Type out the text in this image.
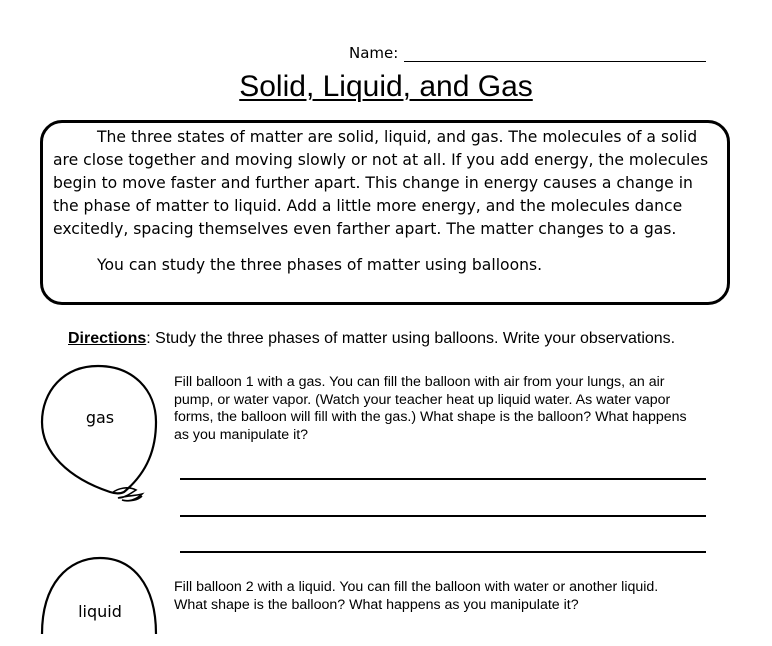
Name:
Solid, Liquid, and Gas

The three states of matter are solid, liquid, and gas. The molecules of a solid are close together and moving slowly or not at all. If you add energy, the molecules begin to move faster and further apart. This change in energy causes a change in the phase of matter to liquid. Add a little more energy, and the molecules dance excitedly, spacing themselves even farther apart. The matter changes to a gas.

You can study the three phases of matter using balloons.

Directions: Study the three phases of matter using balloons. Write your observations.
gas

Fill balloon 1 with a gas. You can fill the balloon with air from your lungs, an air pump, or water vapor. (Watch your teacher heat up liquid water. As water vapor forms, the balloon will fill with the gas.) What shape is the balloon? What happens as you manipulate it?

liquid

Fill balloon 2 with a liquid. You can fill the balloon with water or another liquid. What shape is the balloon? What happens as you manipulate it?
